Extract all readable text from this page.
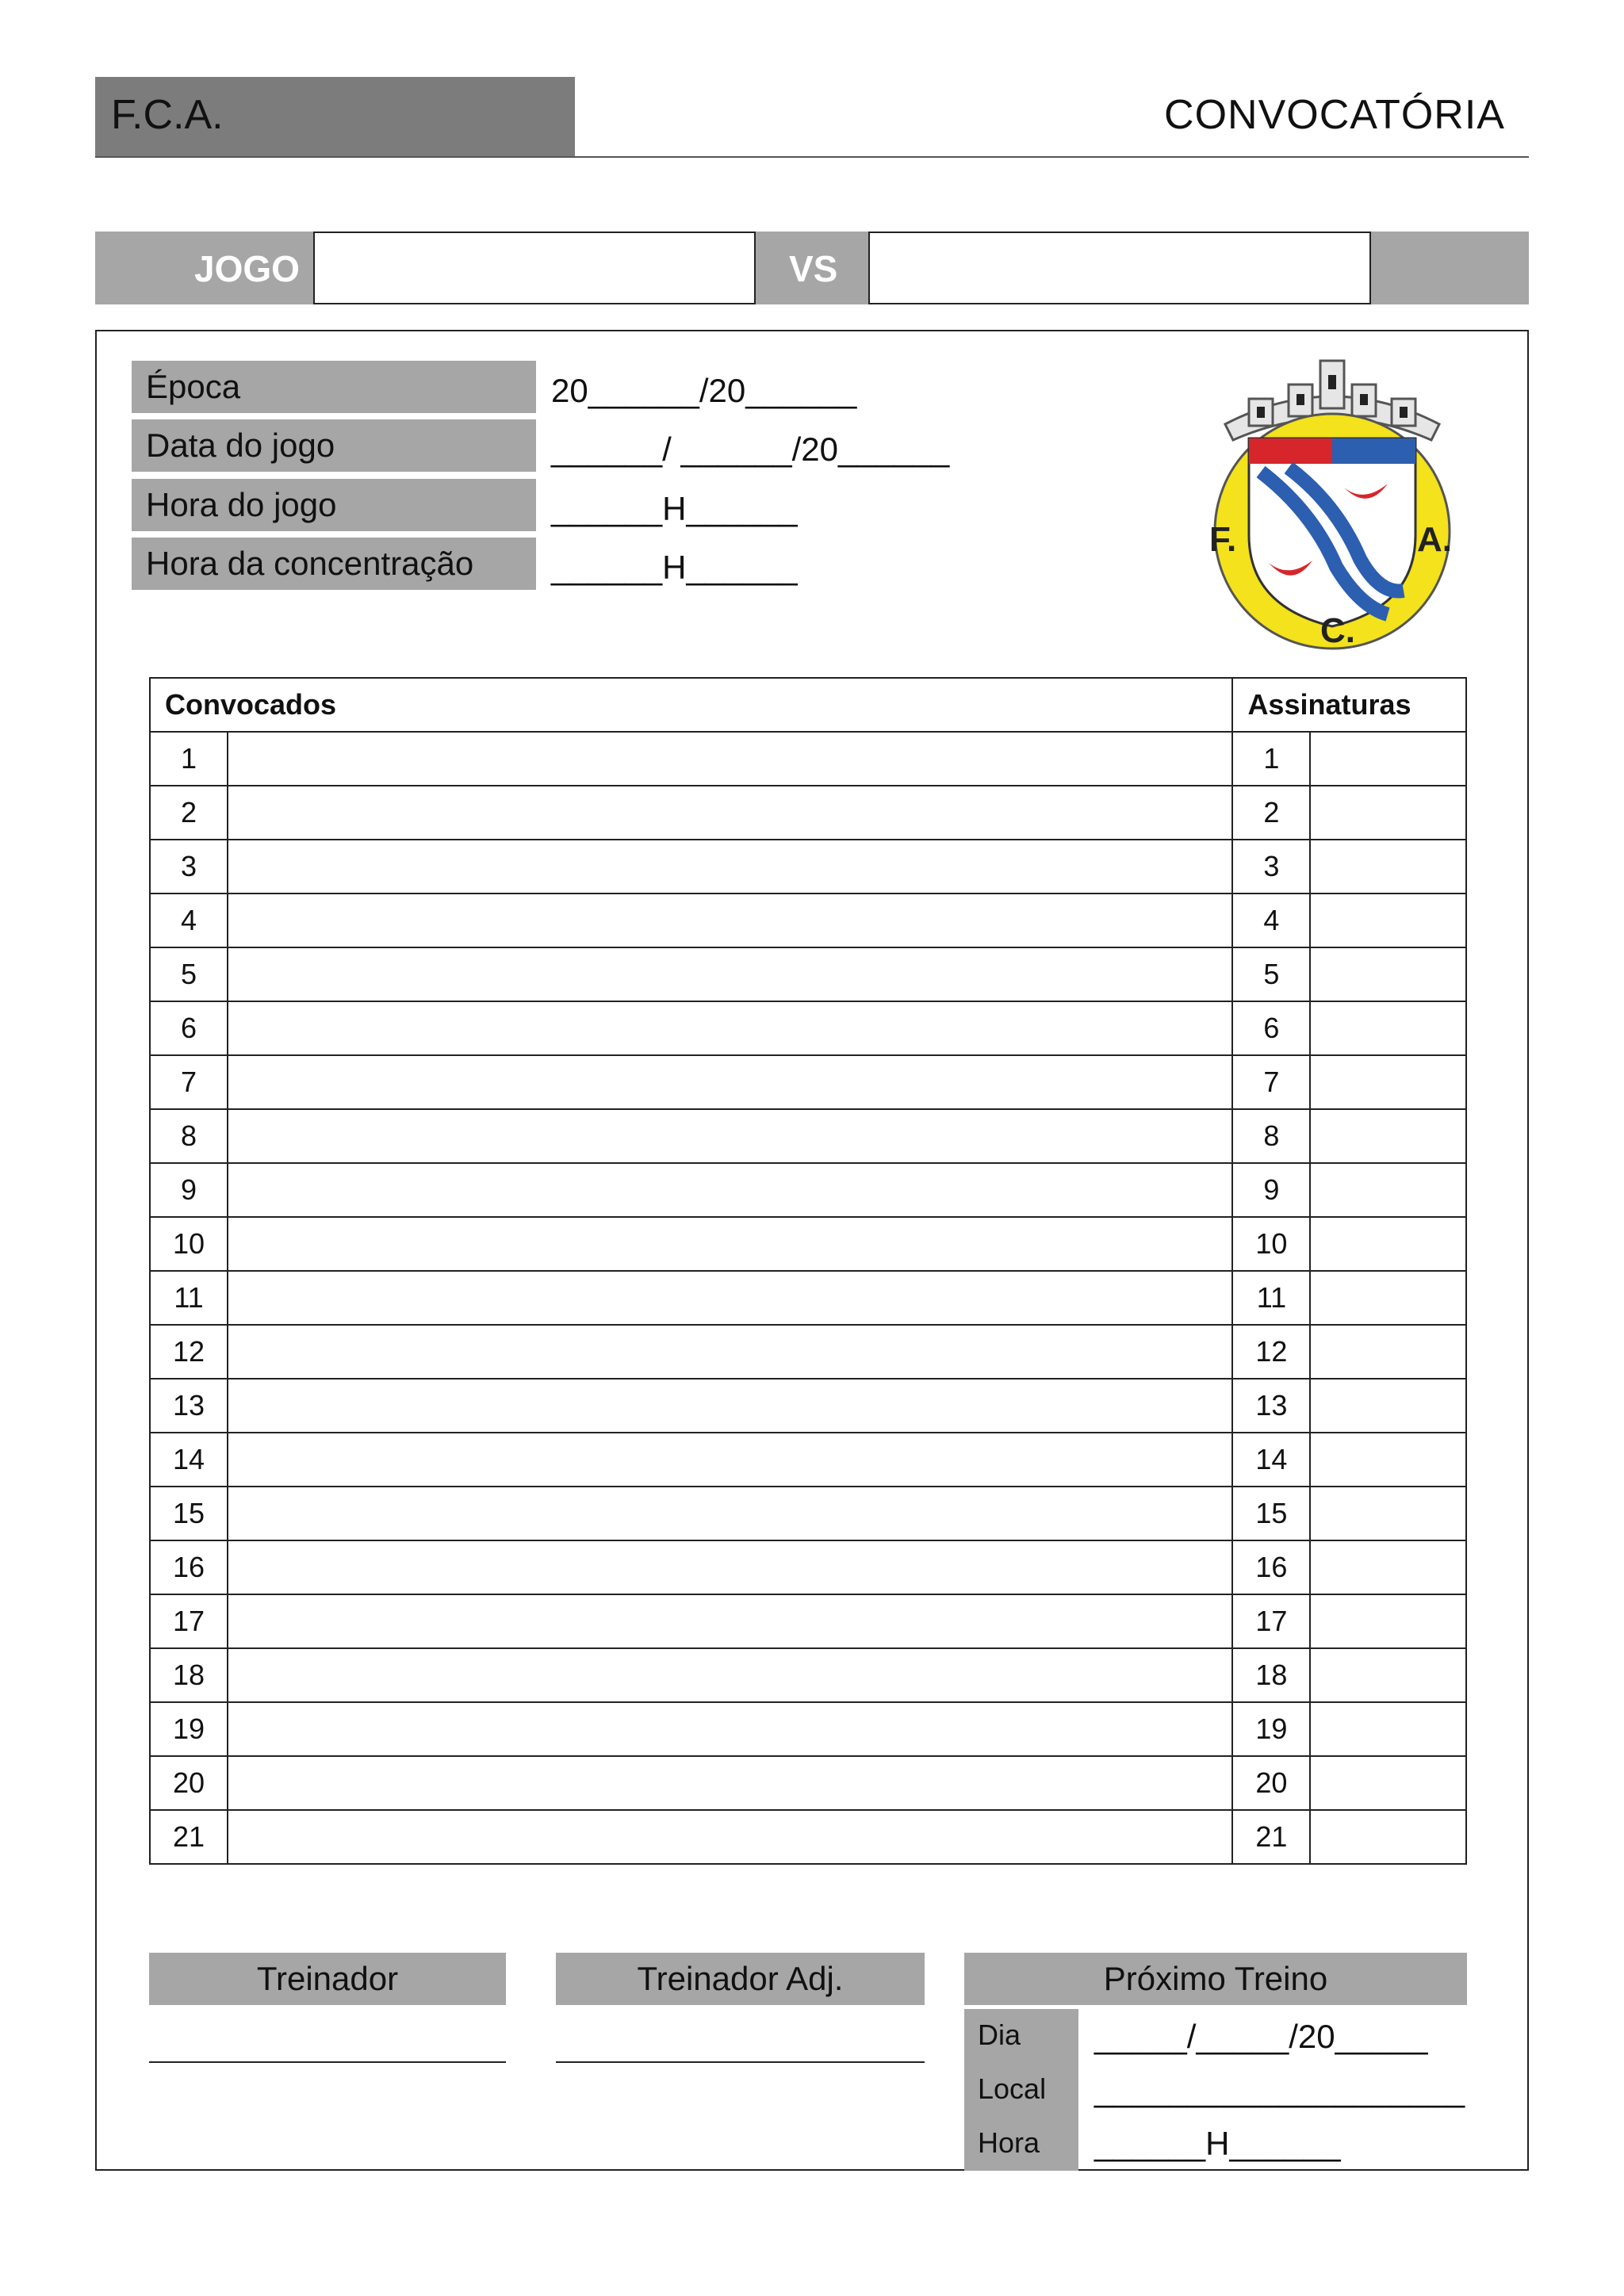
F.C.A.	CONVOCATÓRIA
JOGO	VS
Época	20______/20______
Data do jogo	______/ ______/20______
Hora do jogo	______H______
Hora da concentração	______H______
F.	A.
C.
Convocados		Assinaturas	
1		1	
2		2	
3		3	
4		4	
5		5	
6		6	
7		7	
8		8	
9		9	
10		10	
11		11	
12		12	
13		13	
14		14	
15		15	
16		16	
17		17	
18		18	
19		19	
20		20	
21		21	
Treinador	Treinador Adj.	Próximo Treino
Dia _____/_____/20_____
Local ____________________
Hora ______H______
